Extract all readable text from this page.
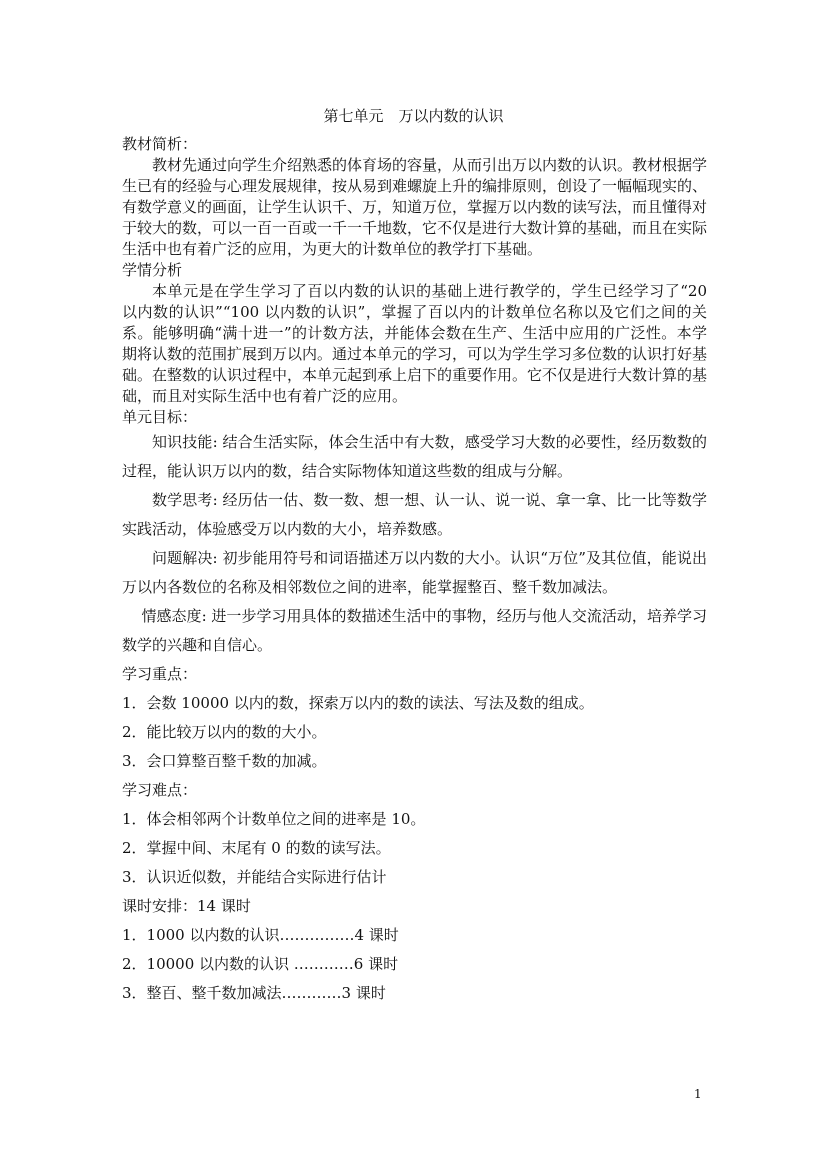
第七单元　万以内数的认识

教材简析：

教材先通过向学生介绍熟悉的体育场的容量，从而引出万以内数的认识。教材根据学生已有的经验与心理发展规律，按从易到难螺旋上升的编排原则，创设了一幅幅现实的、有数学意义的画面，让学生认识千、万，知道万位，掌握万以内数的读写法，而且懂得对于较大的数，可以一百一百或一千一千地数，它不仅是进行大数计算的基础，而且在实际生活中也有着广泛的应用，为更大的计数单位的教学打下基础。

学情分析

本单元是在学生学习了百以内数的认识的基础上进行教学的，学生已经学习了“20 以内数的认识”“100 以内数的认识”，掌握了百以内的计数单位名称以及它们之间的关系。能够明确“满十进一”的计数方法，并能体会数在生产、生活中应用的广泛性。本学期将认数的范围扩展到万以内。通过本单元的学习，可以为学生学习多位数的认识打好基础。在整数的认识过程中，本单元起到承上启下的重要作用。它不仅是进行大数计算的基础，而且对实际生活中也有着广泛的应用。

单元目标：

知识技能: 结合生活实际，体会生活中有大数，感受学习大数的必要性，经历数数的过程，能认识万以内的数，结合实际物体知道这些数的组成与分解。

数学思考: 经历估一估、数一数、想一想、认一认、说一说、拿一拿、比一比等数学实践活动，体验感受万以内数的大小，培养数感。

问题解决: 初步能用符号和词语描述万以内数的大小。认识“万位”及其位值，能说出万以内各数位的名称及相邻数位之间的进率，能掌握整百、整千数加减法。

情感态度: 进一步学习用具体的数描述生活中的事物，经历与他人交流活动，培养学习数学的兴趣和自信心。

学习重点：

1．会数 10000 以内的数，探索万以内的数的读法、写法及数的组成。

2．能比较万以内的数的大小。

3．会口算整百整千数的加减。

学习难点：

1．体会相邻两个计数单位之间的进率是 10。

2．掌握中间、末尾有 0 的数的读写法。

3．认识近似数，并能结合实际进行估计

课时安排：14 课时

1．1000 以内数的认识……………4 课时

2．10000 以内数的认识 …………6 课时

3．整百、整千数加减法…………3 课时

1
